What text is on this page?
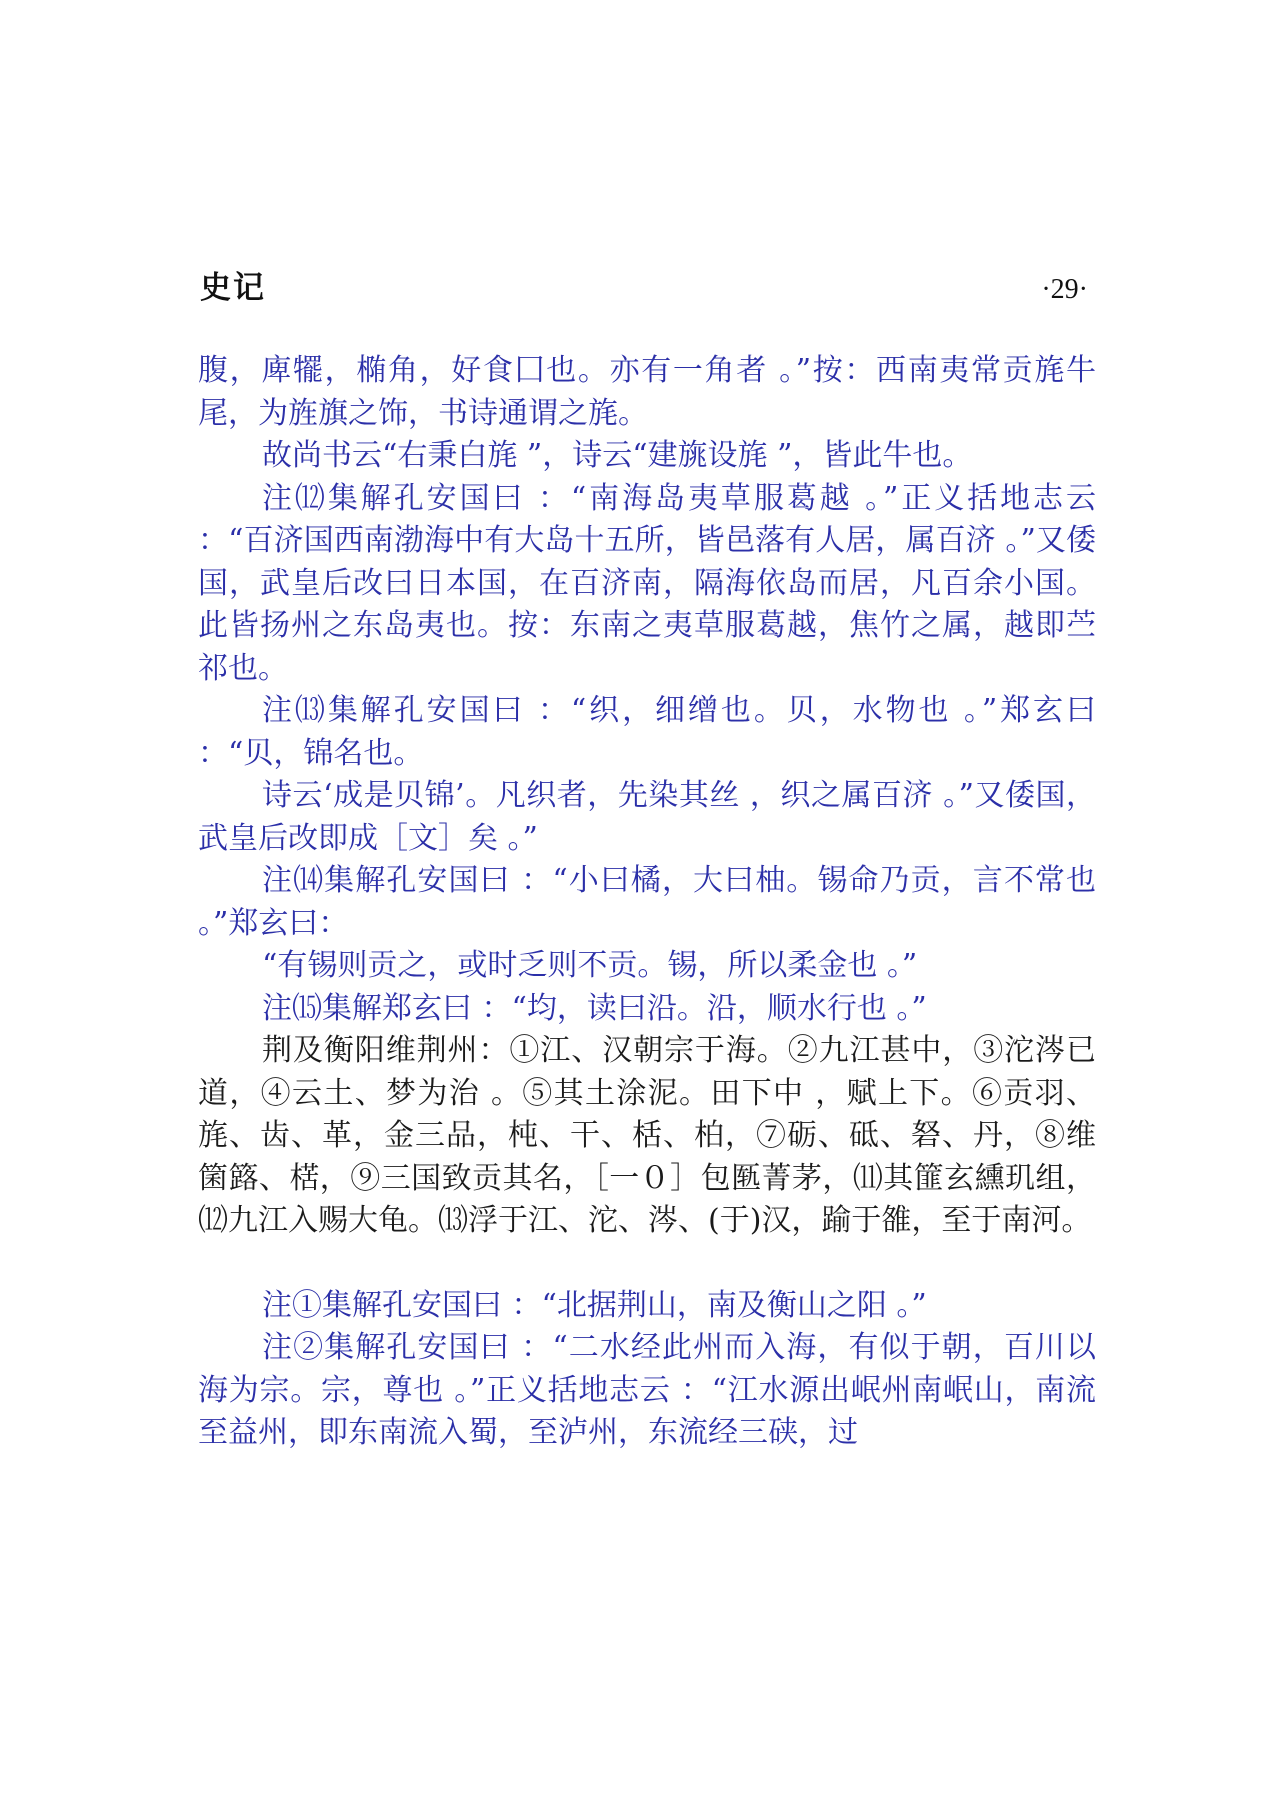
史记	·29·

腹，庳犤，椭角，好食囗也。亦有一角者 。”按：西南夷常贡旄牛尾，为旌旗之饰，书诗通谓之旄。

故尚书云“右秉白旄 ”，诗云“建旐设旄 ”，皆此牛也。

注⑿集解孔安国曰 ：“南海岛夷草服葛越 。”正义括地志云 ：“百济国西南渤海中有大岛十五所，皆邑落有人居，属百济 。”又倭国，武皇后改曰日本国，在百济南，隔海依岛而居，凡百余小国。此皆扬州之东岛夷也。按：东南之夷草服葛越，焦竹之属，越即苎祁也。

注⒀集解孔安国曰 ：“织，细缯也。贝，水物也 。”郑玄曰 ：“贝，锦名也。

诗云‘成是贝锦’。凡织者，先染其丝 ，织之属百济 。”又倭国，武皇后改即成［文］矣 。”

注⒁集解孔安国曰 ：“小曰橘，大曰柚。锡命乃贡，言不常也 。”郑玄曰：

“有锡则贡之，或时乏则不贡。锡，所以柔金也 。”

注⒂集解郑玄曰 ：“均，读曰沿。沿，顺水行也 。”

荆及衡阳维荆州：①江、汉朝宗于海。②九江甚中，③沱涔已道，④云土、梦为治 。⑤其土涂泥。田下中 ，赋上下。⑥贡羽、旄、齿、革，金三品，杶、干、栝、柏，⑦砺、砥、砮、丹，⑧维箘簬、楛，⑨三国致贡其名，［一０］包匦菁茅，⑾其篚玄纁玑组，⑿九江入赐大龟。⒀浮于江、沱、涔、(于)汉，踰于雒，至于南河。

注①集解孔安国曰 ：“北据荆山，南及衡山之阳 。”

注②集解孔安国曰 ：“二水经此州而入海，有似于朝，百川以海为宗。宗，尊也 。”正义括地志云 ：“江水源出岷州南岷山，南流至益州，即东南流入蜀，至泸州，东流经三硖，过
